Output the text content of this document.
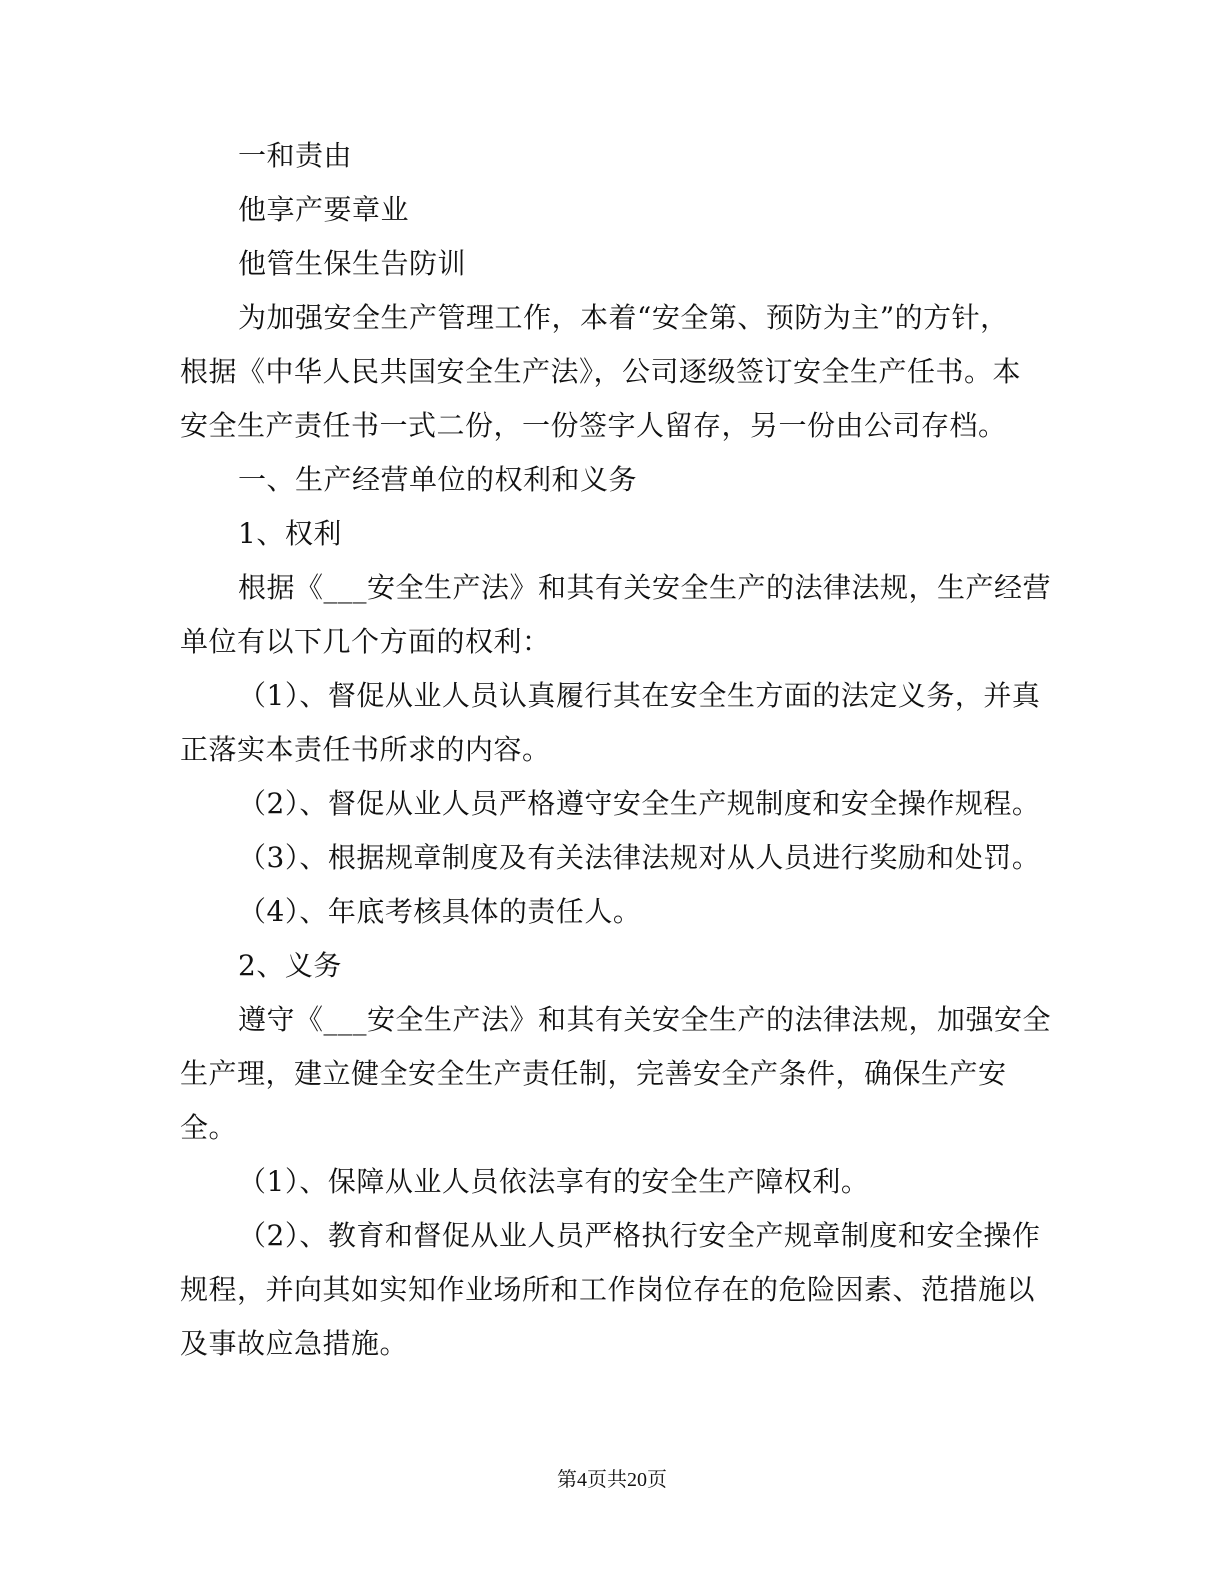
一和责由
他享产要章业
他管生保生告防训
为加强安全生产管理工作，本着“安全第、预防为主”的方针，
根据《中华人民共国安全生产法》，公司逐级签订安全生产任书。本
安全生产责任书一式二份，一份签字人留存，另一份由公司存档。
一、生产经营单位的权利和义务
1、权利
根据《___安全生产法》和其有关安全生产的法律法规，生产经营
单位有以下几个方面的权利：
（1）、督促从业人员认真履行其在安全生方面的法定义务，并真
正落实本责任书所求的内容。
（2）、督促从业人员严格遵守安全生产规制度和安全操作规程。
（3）、根据规章制度及有关法律法规对从人员进行奖励和处罚。
（4）、年底考核具体的责任人。
2、义务
遵守《___安全生产法》和其有关安全生产的法律法规，加强安全
生产理，建立健全安全生产责任制，完善安全产条件，确保生产安
全。
（1）、保障从业人员依法享有的安全生产障权利。
（2）、教育和督促从业人员严格执行安全产规章制度和安全操作
规程，并向其如实知作业场所和工作岗位存在的危险因素、范措施以
及事故应急措施。
第4页共20页
